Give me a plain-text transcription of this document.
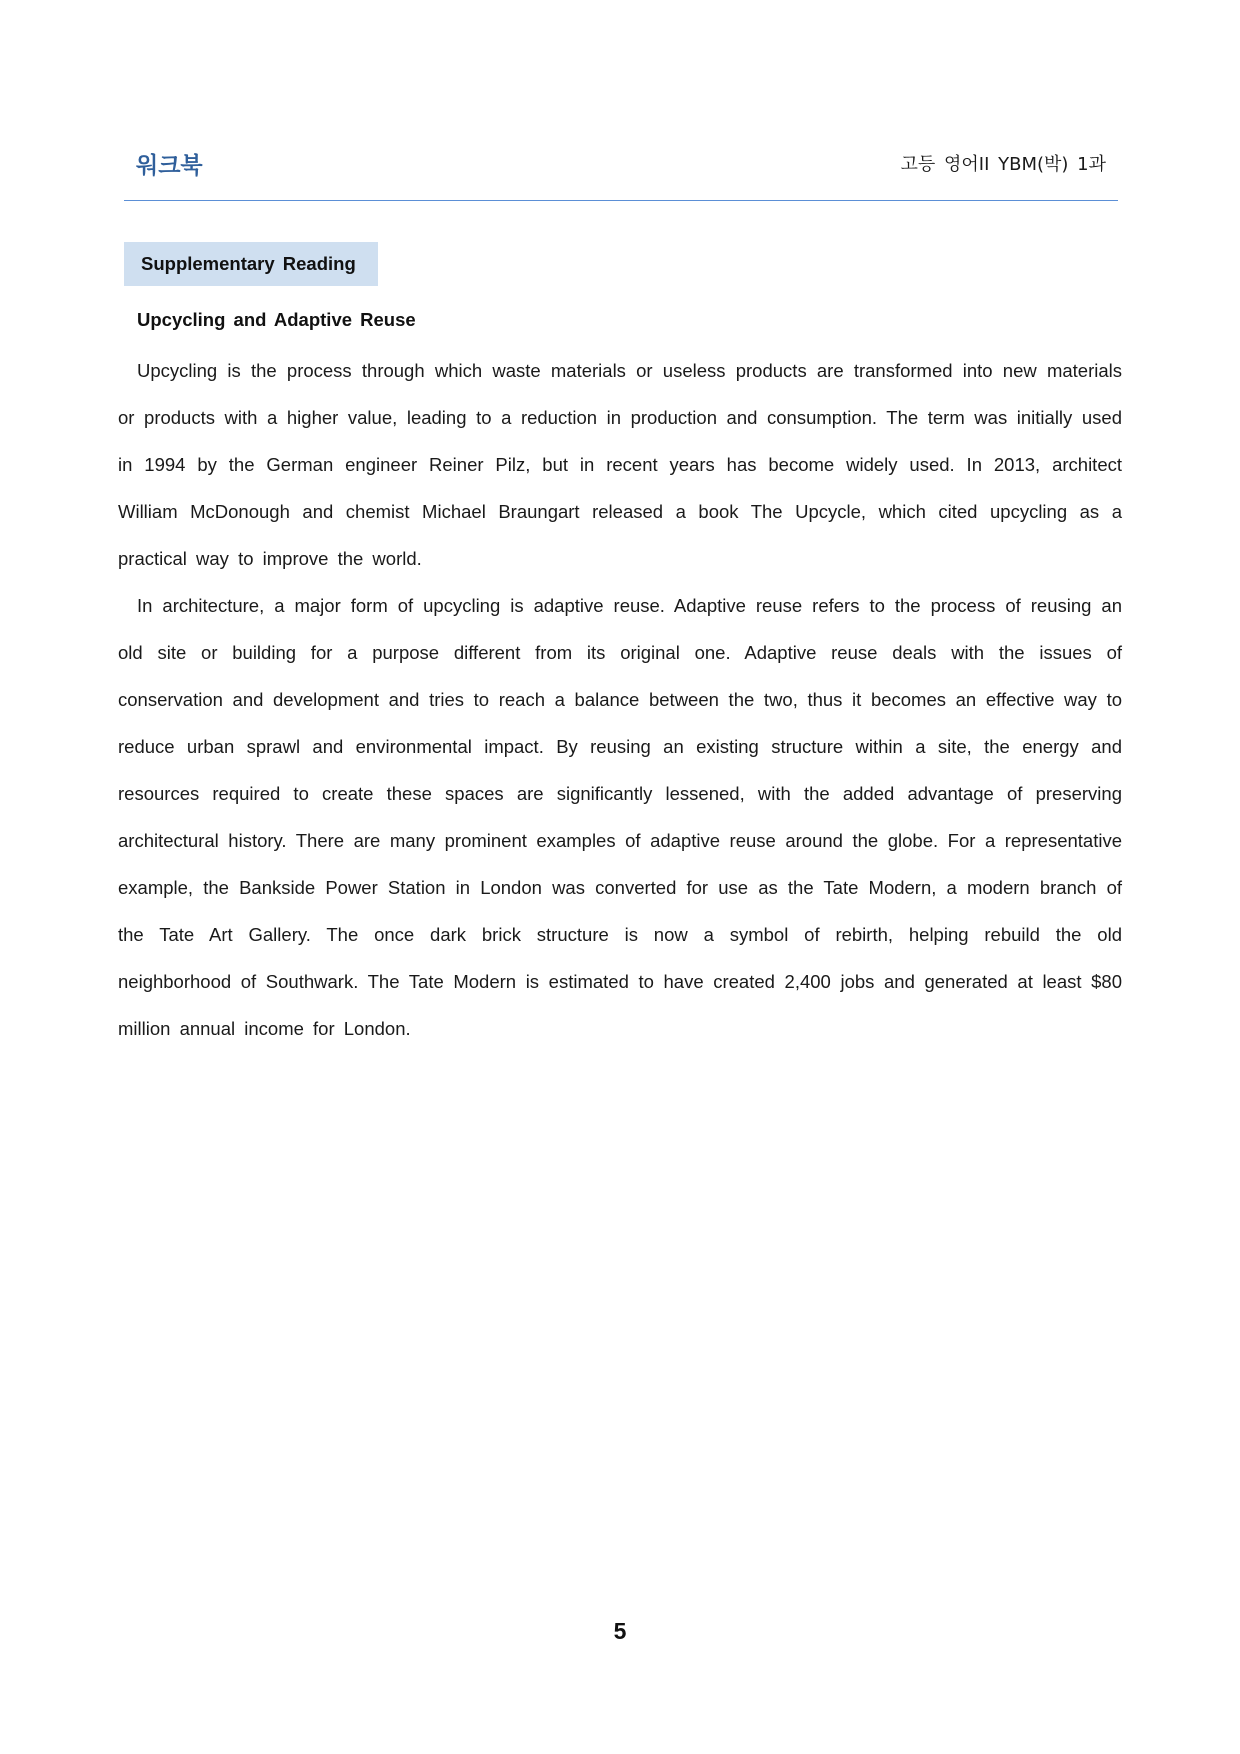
워크북	고등 영어II YBM(박) 1과
Supplementary Reading
Upcycling and Adaptive Reuse

Upcycling is the process through which waste materials or useless products are transformed into new materials or products with a higher value, leading to a reduction in production and consumption. The term was initially used in 1994 by the German engineer Reiner Pilz, but in recent years has become widely used. In 2013, architect William McDonough and chemist Michael Braungart released a book The Upcycle, which cited upcycling as a practical way to improve the world.

In architecture, a major form of upcycling is adaptive reuse. Adaptive reuse refers to the process of reusing an old site or building for a purpose different from its original one. Adaptive reuse deals with the issues of conservation and development and tries to reach a balance between the two, thus it becomes an effective way to reduce urban sprawl and environmental impact. By reusing an existing structure within a site, the energy and resources required to create these spaces are significantly lessened, with the added advantage of preserving architectural history. There are many prominent examples of adaptive reuse around the globe. For a representative example, the Bankside Power Station in London was converted for use as the Tate Modern, a modern branch of the Tate Art Gallery. The once dark brick structure is now a symbol of rebirth, helping rebuild the old neighborhood of Southwark. The Tate Modern is estimated to have created 2,400 jobs and generated at least $80 million annual income for London.

5
